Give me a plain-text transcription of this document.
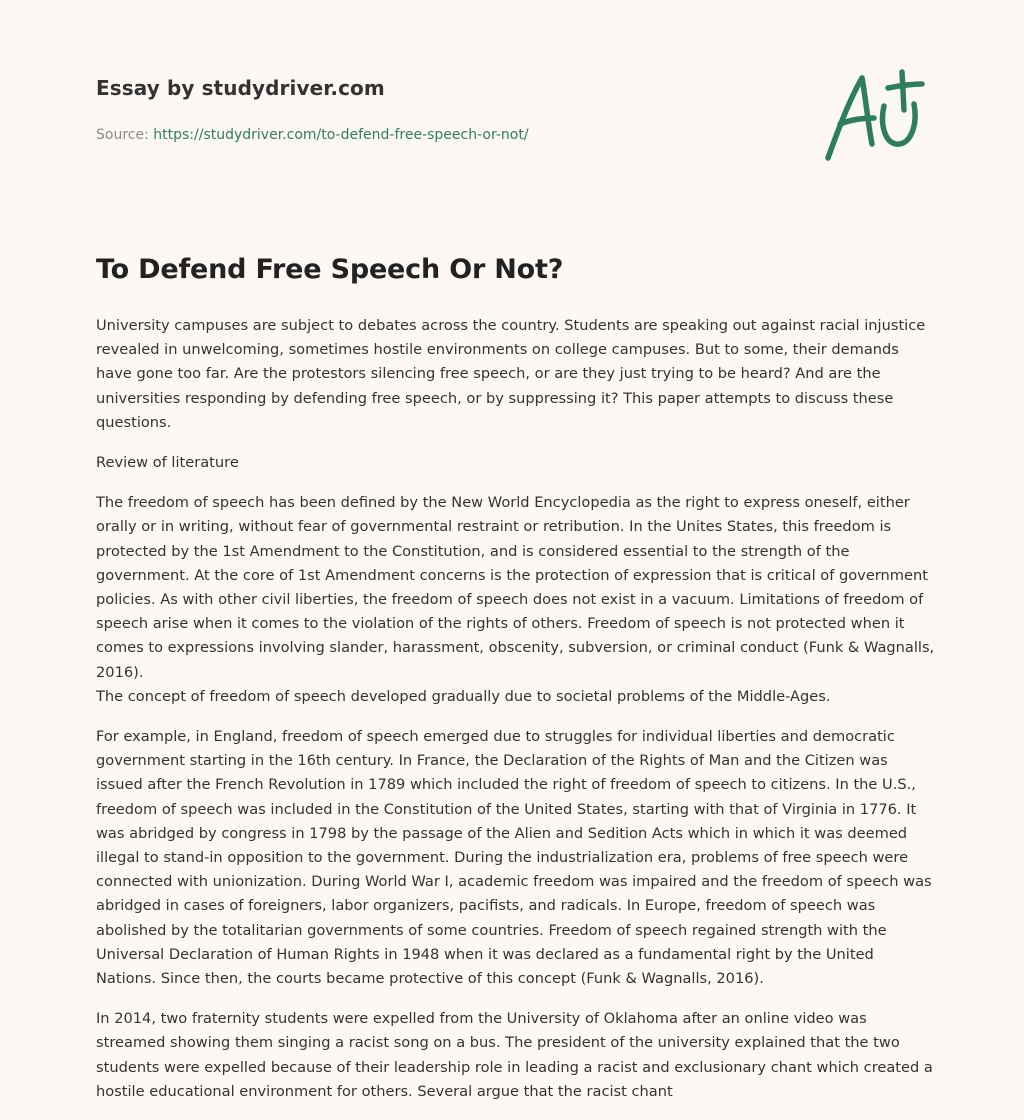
Essay by studydriver.com
Source: https://studydriver.com/to-defend-free-speech-or-not/
To Defend Free Speech Or Not?

University campuses are subject to debates across the country. Students are speaking out against racial injustice revealed in unwelcoming, sometimes hostile environments on college campuses. But to some, their demands have gone too far. Are the protestors silencing free speech, or are they just trying to be heard? And are the universities responding by defending free speech, or by suppressing it? This paper attempts to discuss these questions.

Review of literature

The freedom of speech has been defined by the New World Encyclopedia as the right to express oneself, either orally or in writing, without fear of governmental restraint or retribution. In the Unites States, this freedom is protected by the 1st Amendment to the Constitution, and is considered essential to the strength of the government. At the core of 1st Amendment concerns is the protection of expression that is critical of government policies. As with other civil liberties, the freedom of speech does not exist in a vacuum. Limitations of freedom of speech arise when it comes to the violation of the rights of others. Freedom of speech is not protected when it comes to expressions involving slander, harassment, obscenity, subversion, or criminal conduct (Funk & Wagnalls, 2016).

The concept of freedom of speech developed gradually due to societal problems of the Middle-Ages.

For example, in England, freedom of speech emerged due to struggles for individual liberties and democratic government starting in the 16th century. In France, the Declaration of the Rights of Man and the Citizen was issued after the French Revolution in 1789 which included the right of freedom of speech to citizens. In the U.S., freedom of speech was included in the Constitution of the United States, starting with that of Virginia in 1776. It was abridged by congress in 1798 by the passage of the Alien and Sedition Acts which in which it was deemed illegal to stand-in opposition to the government. During the industrialization era, problems of free speech were connected with unionization. During World War I, academic freedom was impaired and the freedom of speech was abridged in cases of foreigners, labor organizers, pacifists, and radicals. In Europe, freedom of speech was abolished by the totalitarian governments of some countries. Freedom of speech regained strength with the Universal Declaration of Human Rights in 1948 when it was declared as a fundamental right by the United Nations. Since then, the courts became protective of this concept (Funk & Wagnalls, 2016).

In 2014, two fraternity students were expelled from the University of Oklahoma after an online video was streamed showing them singing a racist song on a bus. The president of the university explained that the two students were expelled because of their leadership role in leading a racist and exclusionary chant which created a hostile educational environment for others. Several argue that the racist chant
